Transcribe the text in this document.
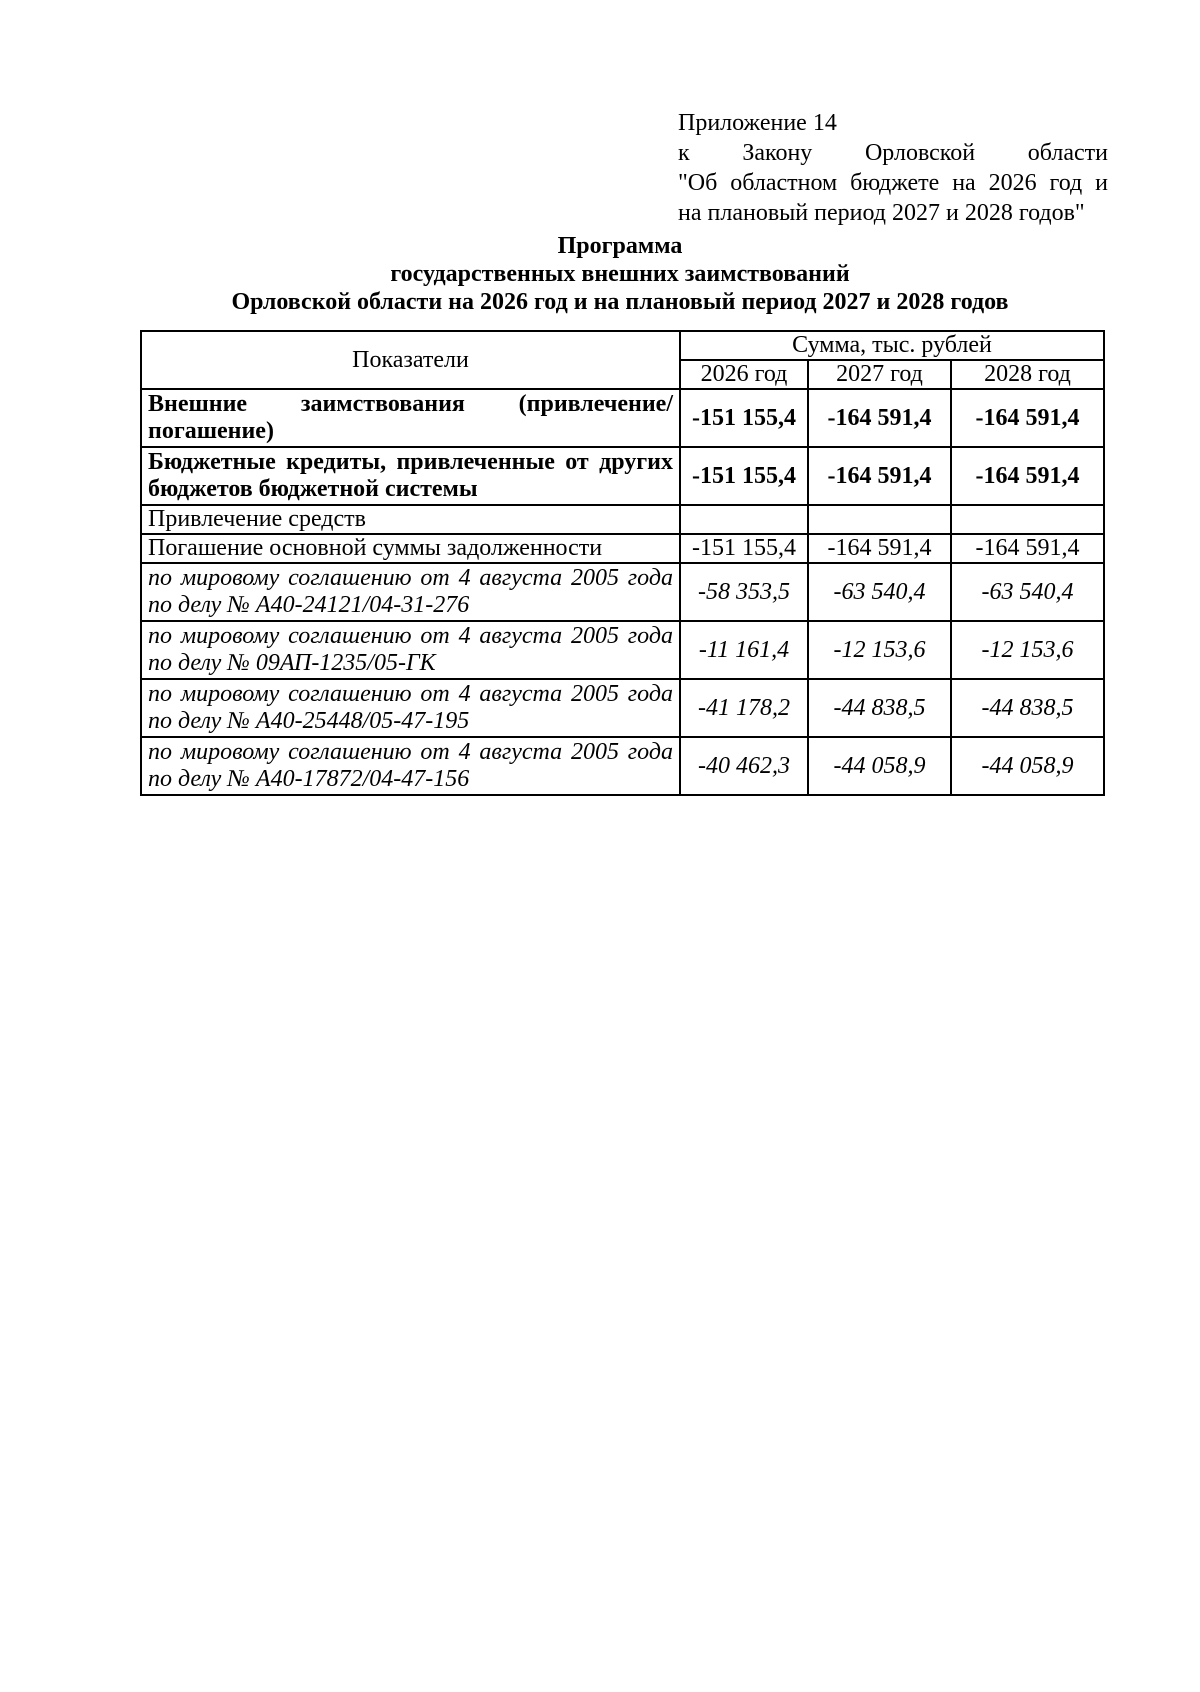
Приложение 14
к Закону Орловской области
"Об областном бюджете на 2026 год и
на плановый период 2027 и 2028 годов"
Программа
государственных внешних заимствований
Орловской области на 2026 год и на плановый период 2027 и 2028 годов
Показатели	Сумма, тыс. рублей		
	2026 год	2027 год	2028 год
Внешние заимствования (привлечение/погашение)	-151 155,4	-164 591,4	-164 591,4
Бюджетные кредиты, привлеченные от других бюджетов бюджетной системы	-151 155,4	-164 591,4	-164 591,4
Привлечение средств			
Погашение основной суммы задолженности	-151 155,4	-164 591,4	-164 591,4
по мировому соглашению от 4 августа 2005 года по делу № А40-24121/04-31-276	-58 353,5	-63 540,4	-63 540,4
по мировому соглашению от 4 августа 2005 года по делу № 09АП-1235/05-ГК	-11 161,4	-12 153,6	-12 153,6
по мировому соглашению от 4 августа 2005 года по делу № А40-25448/05-47-195	-41 178,2	-44 838,5	-44 838,5
по мировому соглашению от 4 августа 2005 года по делу № А40-17872/04-47-156	-40 462,3	-44 058,9	-44 058,9
